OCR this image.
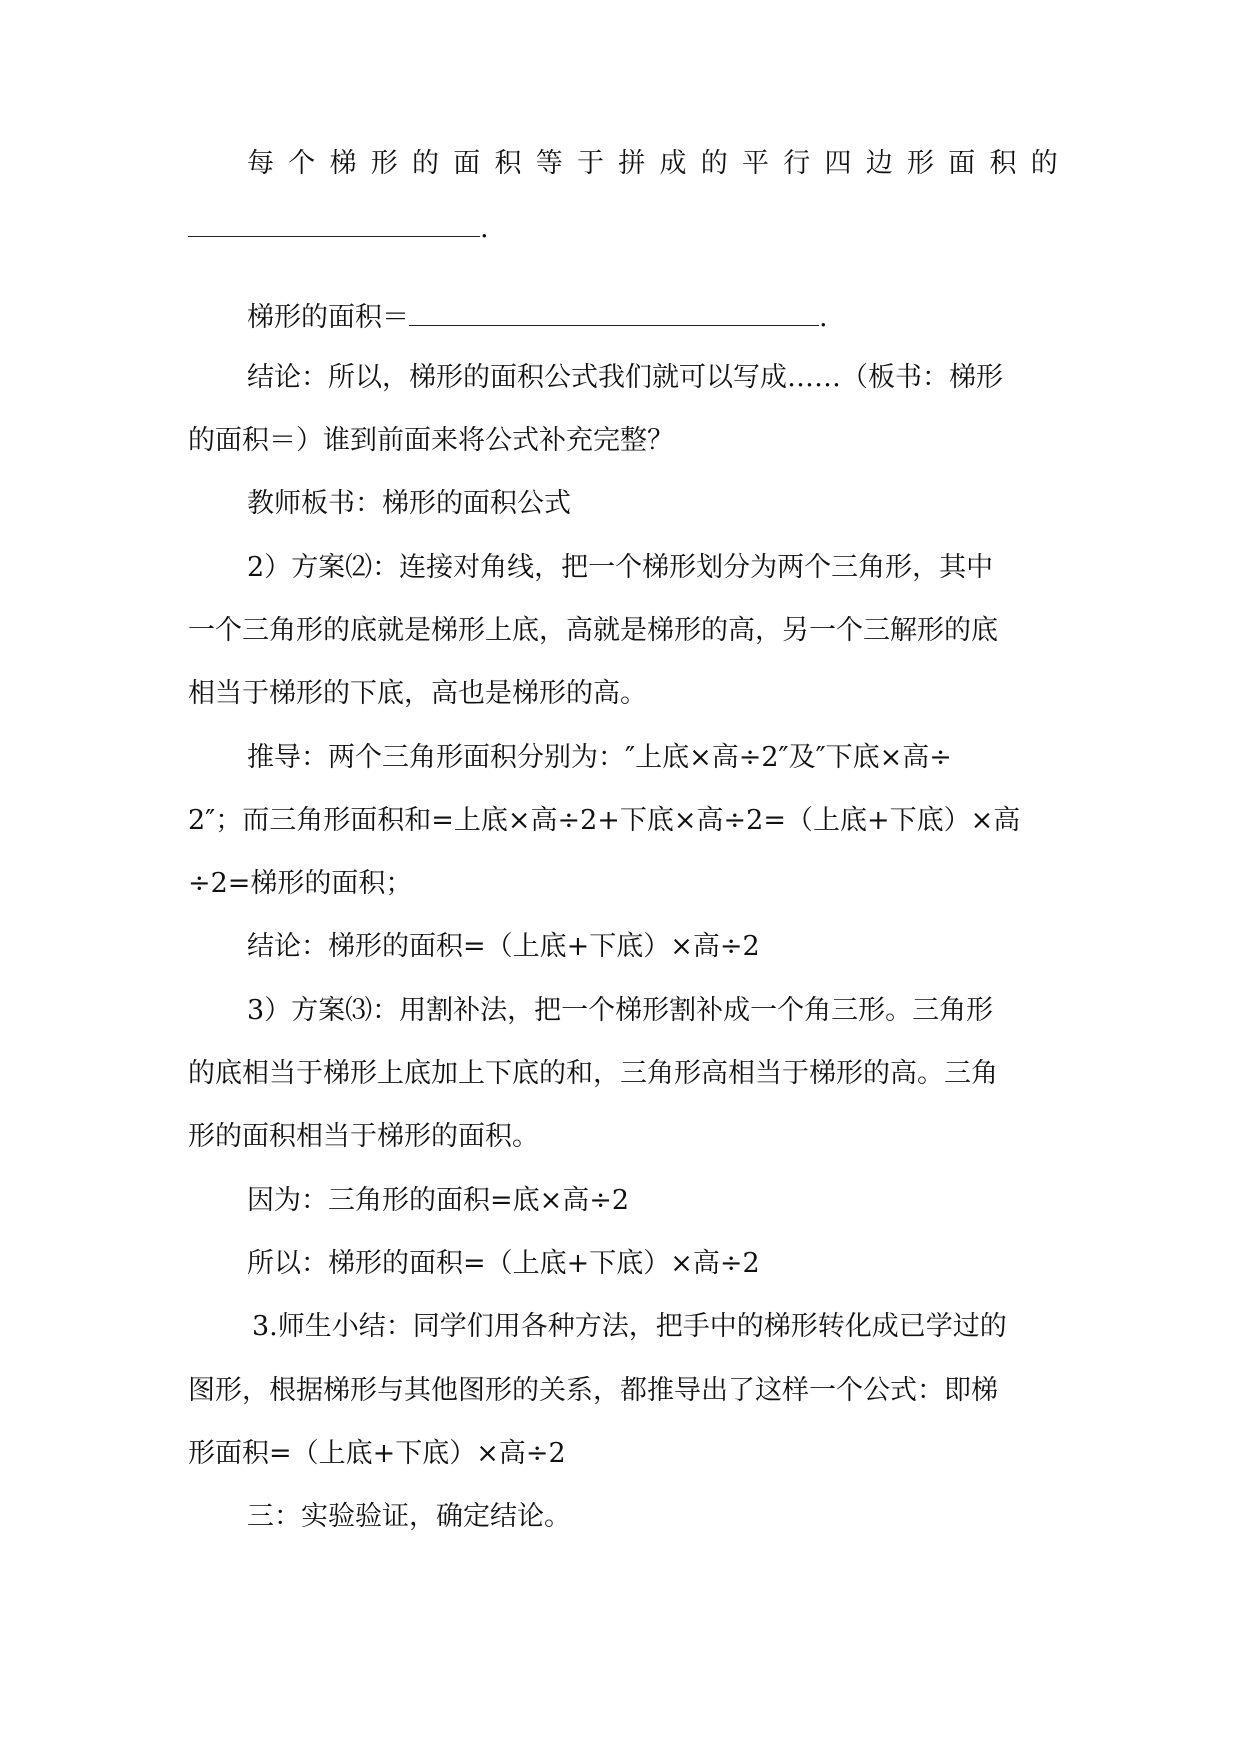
每 个 梯 形 的 面 积 等 于 拼 成 的 平 行 四 边 形 面 积 的
.
梯形的面积＝	.
结论：所以，梯形的面积公式我们就可以写成……（板书：梯形
的面积＝）谁到前面来将公式补充完整？
教师板书：梯形的面积公式
2）方案⑵：连接对角线，把一个梯形划分为两个三角形，其中
一个三角形的底就是梯形上底，高就是梯形的高，另一个三解形的底
相当于梯形的下底，高也是梯形的高。
推导：两个三角形面积分别为：″上底×高÷2″及″下底×高÷
2″；而三角形面积和=上底×高÷2+下底×高÷2=（上底+下底）×高
÷2=梯形的面积；
结论：梯形的面积=（上底+下底）×高÷2
3）方案⑶：用割补法，把一个梯形割补成一个角三形。三角形
的底相当于梯形上底加上下底的和，三角形高相当于梯形的高。三角
形的面积相当于梯形的面积。
因为：三角形的面积=底×高÷2
所以：梯形的面积=（上底+下底）×高÷2
3.师生小结：同学们用各种方法，把手中的梯形转化成已学过的
图形，根据梯形与其他图形的关系，都推导出了这样一个公式：即梯
形面积=（上底+下底）×高÷2
三：实验验证，确定结论。
